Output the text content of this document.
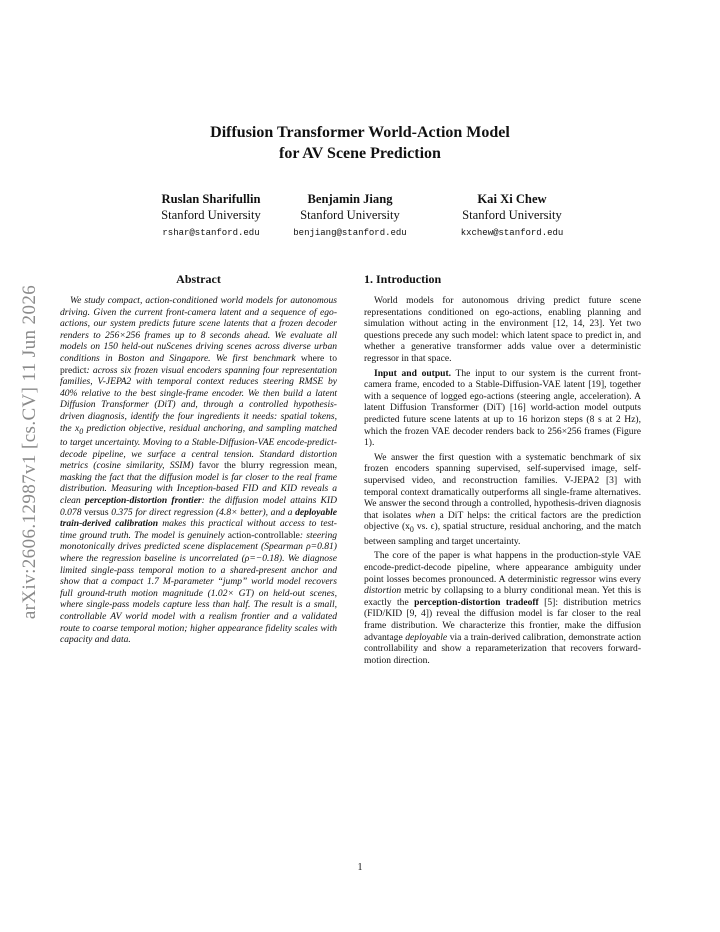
arXiv:2606.12987v1 [cs.CV] 11 Jun 2026
Diffusion Transformer World-Action Model
for AV Scene Prediction
Ruslan Sharifullin
Stanford University
rshar@stanford.edu
Benjamin Jiang
Stanford University
benjiang@stanford.edu
Kai Xi Chew
Stanford University
kxchew@stanford.edu
Abstract

We study compact, action-conditioned world models for autonomous driving. Given the current front-camera latent and a sequence of ego-actions, our system predicts future scene latents that a frozen decoder renders to 256×256 frames up to 8 seconds ahead. We evaluate all models on 150 held-out nuScenes driving scenes across diverse urban conditions in Boston and Singapore. We first benchmark where to predict: across six frozen visual encoders spanning four representation families, V-JEPA2 with temporal context reduces steering RMSE by 40% relative to the best single-frame encoder. We then build a latent Diffusion Transformer (DiT) and, through a controlled hypothesis-driven diagnosis, identify the four ingredients it needs: spatial tokens, the $x_0$ prediction objective, residual anchoring, and sampling matched to target uncertainty. Moving to a Stable-Diffusion-VAE encode-predict-decode pipeline, we surface a central tension. Standard distortion metrics (cosine similarity, SSIM) favor the blurry regression mean, masking the fact that the diffusion model is far closer to the real frame distribution. Measuring with Inception-based FID and KID reveals a clean perception-distortion frontier: the diffusion model attains KID 0.078 versus 0.375 for direct regression (4.8× better), and a deployable train-derived calibration makes this practical without access to test-time ground truth. The model is genuinely action-controllable: steering monotonically drives predicted scene displacement (Spearman ρ=0.81) where the regression baseline is uncorrelated (ρ=−0.18). We diagnose limited single-pass temporal motion to a shared-present anchor and show that a compact 1.7 M-parameter “jump” world model recovers full ground-truth motion magnitude (1.02× GT) on held-out scenes, where single-pass models capture less than half. The result is a small, controllable AV world model with a realism frontier and a validated route to coarse temporal motion; higher appearance fidelity scales with capacity and data.

1. Introduction

World models for autonomous driving predict future scene representations conditioned on ego-actions, enabling planning and simulation without acting in the environment [12, 14, 23]. Yet two questions precede any such model: which latent space to predict in, and whether a generative transformer adds value over a deterministic regressor in that space.

Input and output. The input to our system is the current front-camera frame, encoded to a Stable-Diffusion-VAE latent [19], together with a sequence of logged ego-actions (steering angle, acceleration). A latent Diffusion Transformer (DiT) [16] world-action model outputs predicted future scene latents at up to 16 horizon steps (8 s at 2 Hz), which the frozen VAE decoder renders back to 256×256 frames (Figure 1).

We answer the first question with a systematic benchmark of six frozen encoders spanning supervised, self-supervised image, self-supervised video, and reconstruction families. V-JEPA2 [3] with temporal context dramatically outperforms all single-frame alternatives. We answer the second through a controlled, hypothesis-driven diagnosis that isolates when a DiT helps: the critical factors are the prediction objective ($x_0$ vs. ϵ), spatial structure, residual anchoring, and the match between sampling and target uncertainty.

The core of the paper is what happens in the production-style VAE encode-predict-decode pipeline, where appearance ambiguity under point losses becomes pronounced. A deterministic regressor wins every distortion metric by collapsing to a blurry conditional mean. Yet this is exactly the perception-distortion tradeoff [5]: distribution metrics (FID/KID [9, 4]) reveal the diffusion model is far closer to the real frame distribution. We characterize this frontier, make the diffusion advantage deployable via a train-derived calibration, demonstrate action controllability and show a reparameterization that recovers forward-motion direction.

1
